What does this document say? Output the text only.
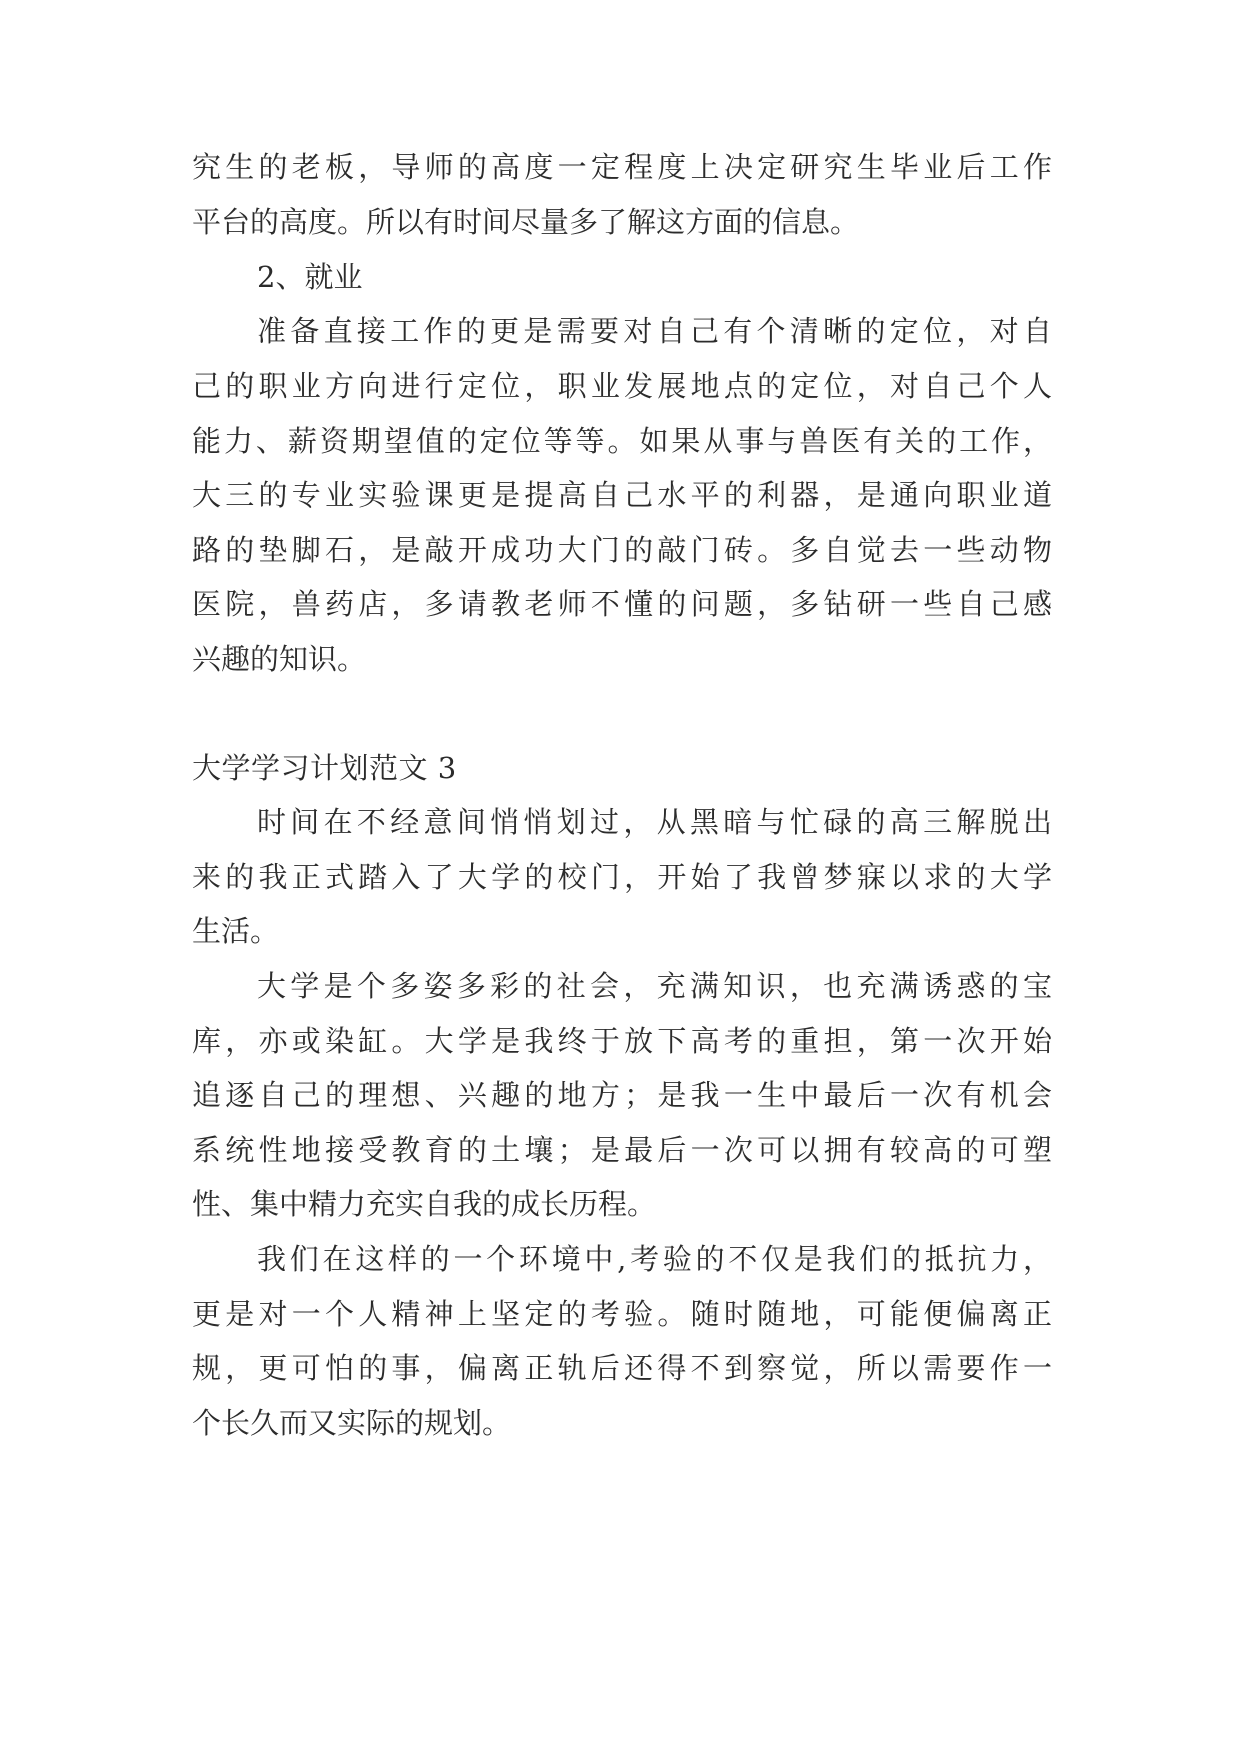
究生的老板，导师的高度一定程度上决定研究生毕业后工作
平台的高度。所以有时间尽量多了解这方面的信息。
2、就业
准备直接工作的更是需要对自己有个清晰的定位，对自
己的职业方向进行定位，职业发展地点的定位，对自己个人
能力、薪资期望值的定位等等。如果从事与兽医有关的工作，
大三的专业实验课更是提高自己水平的利器，是通向职业道
路的垫脚石，是敲开成功大门的敲门砖。多自觉去一些动物
医院，兽药店，多请教老师不懂的问题，多钻研一些自己感
兴趣的知识。
大学学习计划范文 3
时间在不经意间悄悄划过，从黑暗与忙碌的高三解脱出
来的我正式踏入了大学的校门，开始了我曾梦寐以求的大学
生活。
大学是个多姿多彩的社会，充满知识，也充满诱惑的宝
库，亦或染缸。大学是我终于放下高考的重担，第一次开始
追逐自己的理想、兴趣的地方；是我一生中最后一次有机会
系统性地接受教育的土壤；是最后一次可以拥有较高的可塑
性、集中精力充实自我的成长历程。
我们在这样的一个环境中,考验的不仅是我们的抵抗力，
更是对一个人精神上坚定的考验。随时随地，可能便偏离正
规，更可怕的事，偏离正轨后还得不到察觉，所以需要作一
个长久而又实际的规划。
